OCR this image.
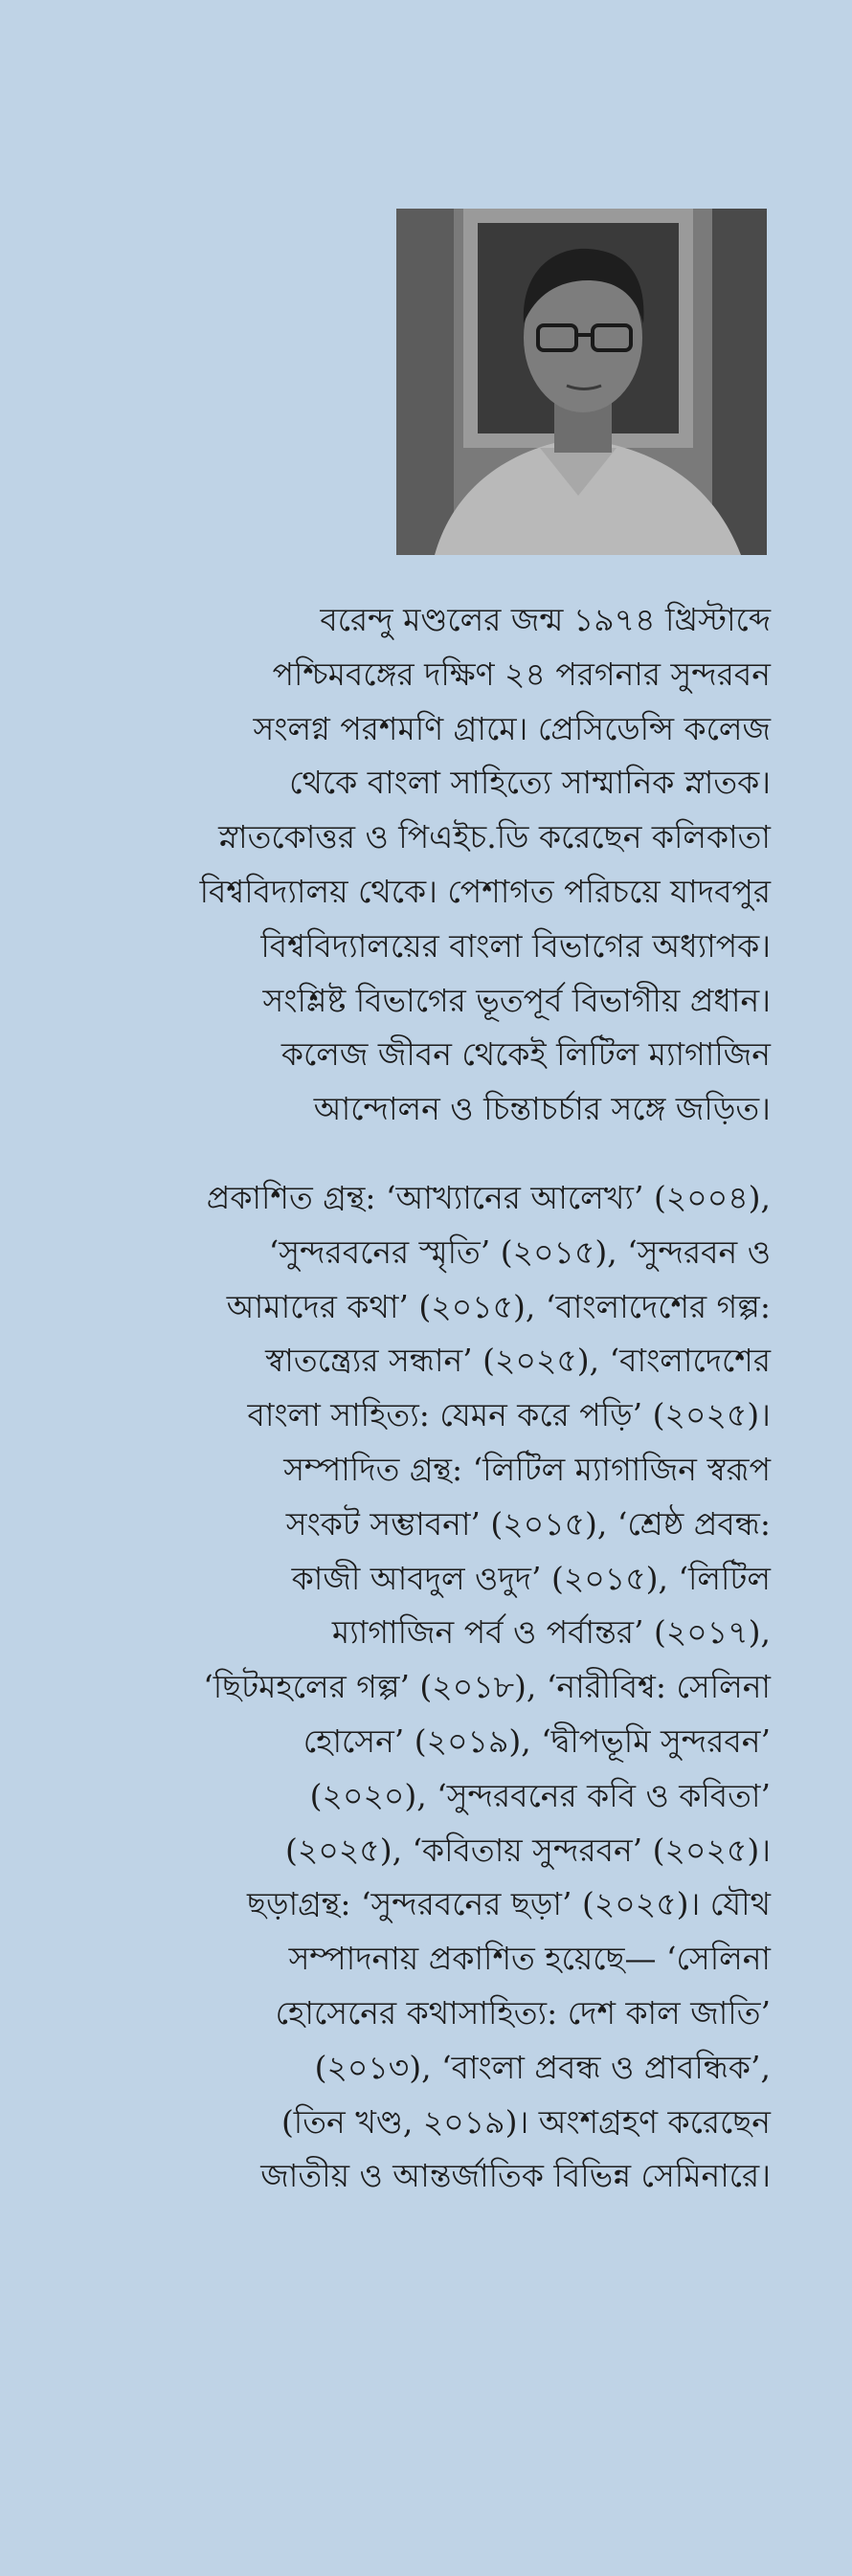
বরেন্দু মণ্ডলের জন্ম ১৯৭৪ খ্রিস্টাব্দে
পশ্চিমবঙ্গের দক্ষিণ ২৪ পরগনার সুন্দরবন
সংলগ্ন পরশমণি গ্রামে। প্রেসিডেন্সি কলেজ
থেকে বাংলা সাহিত্যে সাম্মানিক স্নাতক।
স্নাতকোত্তর ও পিএইচ.ডি করেছেন কলিকাতা
বিশ্ববিদ্যালয় থেকে। পেশাগত পরিচয়ে যাদবপুর
বিশ্ববিদ্যালয়ের বাংলা বিভাগের অধ্যাপক।
সংশ্লিষ্ট বিভাগের ভূতপূর্ব বিভাগীয় প্রধান।
কলেজ জীবন থেকেই লিটিল ম্যাগাজিন
আন্দোলন ও চিন্তাচর্চার সঙ্গে জড়িত।

প্রকাশিত গ্রন্থ: ‘আখ্যানের আলেখ্য’ (২০০৪),
‘সুন্দরবনের স্মৃতি’ (২০১৫), ‘সুন্দরবন ও
আমাদের কথা’ (২০১৫), ‘বাংলাদেশের গল্প:
স্বাতন্ত্র্যের সন্ধান’ (২০২৫), ‘বাংলাদেশের
বাংলা সাহিত্য: যেমন করে পড়ি’ (২০২৫)।
সম্পাদিত গ্রন্থ: ‘লিটিল ম্যাগাজিন স্বরূপ
সংকট সম্ভাবনা’ (২০১৫), ‘শ্রেষ্ঠ প্রবন্ধ:
কাজী আবদুল ওদুদ’ (২০১৫), ‘লিটিল
ম্যাগাজিন পর্ব ও পর্বান্তর’ (২০১৭),
‘ছিটমহলের গল্প’ (২০১৮), ‘নারীবিশ্ব: সেলিনা
হোসেন’ (২০১৯), ‘দ্বীপভূমি সুন্দরবন’
(২০২০), ‘সুন্দরবনের কবি ও কবিতা’
(২০২৫), ‘কবিতায় সুন্দরবন’ (২০২৫)।
ছড়াগ্রন্থ: ‘সুন্দরবনের ছড়া’ (২০২৫)। যৌথ
সম্পাদনায় প্রকাশিত হয়েছে— ‘সেলিনা
হোসেনের কথাসাহিত্য: দেশ কাল জাতি’
(২০১৩), ‘বাংলা প্রবন্ধ ও প্রাবন্ধিক’,
(তিন খণ্ড, ২০১৯)। অংশগ্রহণ করেছেন
জাতীয় ও আন্তর্জাতিক বিভিন্ন সেমিনারে।
